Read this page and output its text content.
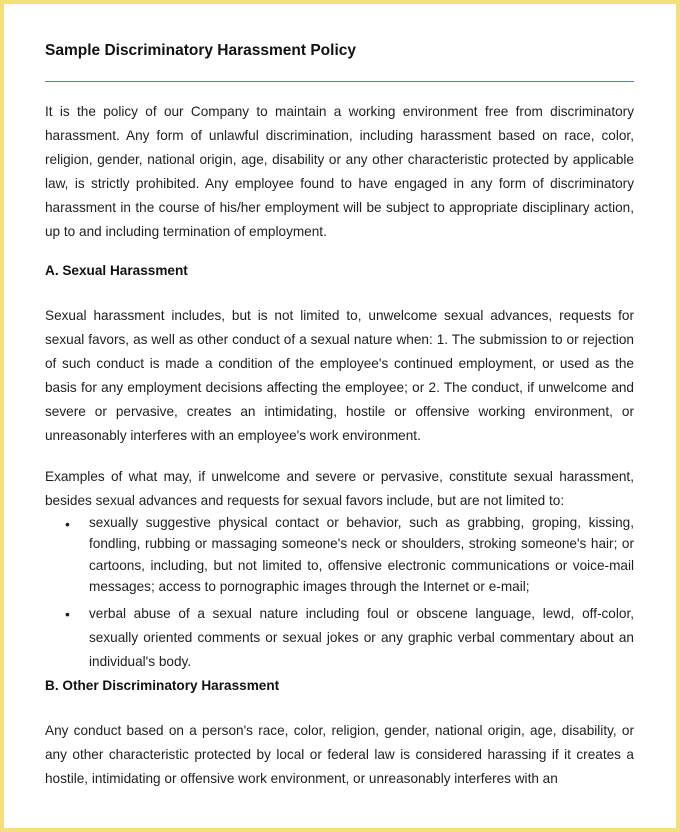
Sample Discriminatory Harassment Policy
It is the policy of our Company to maintain a working environment free from discriminatory harassment. Any form of unlawful discrimination, including harassment based on race, color, religion, gender, national origin, age, disability or any other characteristic protected by applicable law, is strictly prohibited. Any employee found to have engaged in any form of discriminatory harassment in the course of his/her employment will be subject to appropriate disciplinary action, up to and including termination of employment.
A. Sexual Harassment
Sexual harassment includes, but is not limited to, unwelcome sexual advances, requests for sexual favors, as well as other conduct of a sexual nature when: 1. The submission to or rejection of such conduct is made a condition of the employee's continued employment, or used as the basis for any employment decisions affecting the employee; or 2. The conduct, if unwelcome and severe or pervasive, creates an intimidating, hostile or offensive working environment, or unreasonably interferes with an employee's work environment.
Examples of what may, if unwelcome and severe or pervasive, constitute sexual harassment, besides sexual advances and requests for sexual favors include, but are not limited to:
• sexually suggestive physical contact or behavior, such as grabbing, groping, kissing, fondling, rubbing or massaging someone's neck or shoulders, stroking someone's hair; or cartoons, including, but not limited to, offensive electronic communications or voice-mail messages; access to pornographic images through the Internet or e-mail;
• verbal abuse of a sexual nature including foul or obscene language, lewd, off-color, sexually oriented comments or sexual jokes or any graphic verbal commentary about an individual's body.
B. Other Discriminatory Harassment
Any conduct based on a person's race, color, religion, gender, national origin, age, disability, or any other characteristic protected by local or federal law is considered harassing if it creates a hostile, intimidating or offensive work environment, or unreasonably interferes with an
